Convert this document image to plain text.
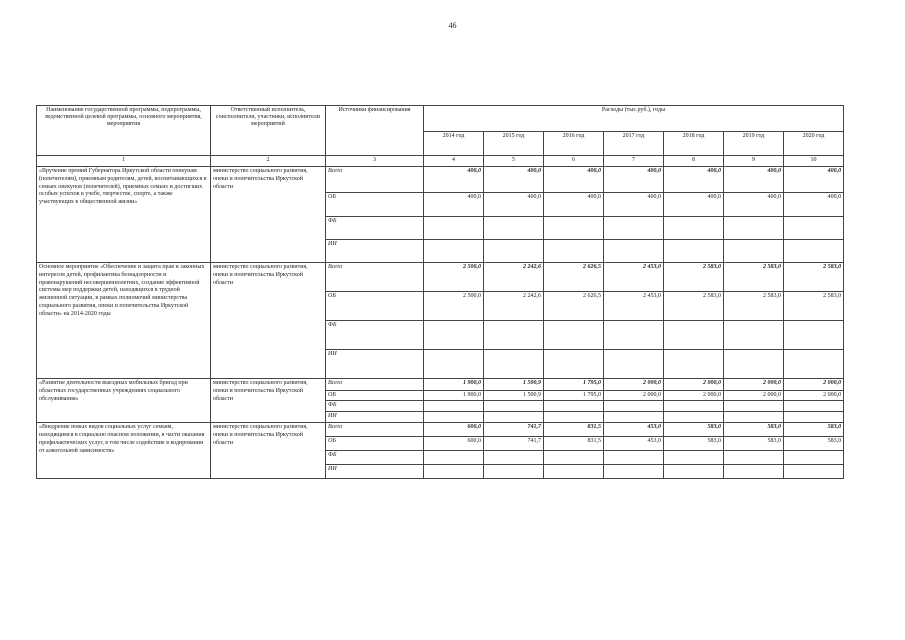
46
Наименование государственной программы, подпрограммы, ведомственной целевой программы, основного мероприятия, мероприятия	Ответственный исполнитель, соисполнители, участники, исполнители мероприятий	Источники финансирования	Расходы (тыс.руб.), годы						
			2014 год	2015 год	2016 год	2017 год	2018 год	2019 год	2020 год
1	2	3	4	5	6	7	8	9	10
«Вручение премий Губернатора Иркутской области опекунам (попечителям), приемным родителям, детей, воспитывающихся в семьях опекунов (попечителей), приемных семьях и достигших особых успехов в учебе, творчестве, спорте, а также участвующих в общественной жизни»	министерство социального развития, опеки и попечительства Иркутской области	Всего	400,0	400,0	400,0	400,0	400,0	400,0	400,0
		ОБ	400,0	400,0	400,0	400,0	400,0	400,0	400,0
		ФБ							
		ИИ							
Основное мероприятие «Обеспечение и защита прав и законных интересов детей, профилактика безнадзорности и правонарушений несовершеннолетних, создание эффективной системы мер поддержки детей, находящихся в трудной жизненной ситуации, в рамках полномочий министерства социального развития, опеки и попечительства Иркутской области» на 2014-2020 годы	министерство социального развития, опеки и попечительства Иркутской области	Всего	2 500,0	2 242,6	2 626,5	2 453,0	2 583,0	2 583,0	2 583,0
		ОБ	2 500,0	2 242,6	2 626,5	2 453,0	2 583,0	2 583,0	2 583,0
		ФБ							
		ИИ							
«Развитие деятельности выездных мобильных бригад при областных государственных учреждениях социального обслуживания»	министерство социального развития, опеки и попечительства Иркутской области	Всего	1 900,0	1 500,9	1 795,0	2 000,0	2 000,0	2 000,0	2 000,0
		ОБ	1 900,0	1 500,9	1 795,0	2 000,0	2 000,0	2 000,0	2 000,0
		ФБ							
		ИИ							
«Внедрение новых видов социальных услуг семьям, находящимся в социально опасном положении, в части оказания профилактических услуг, в том числе содействие в кодировании от алкогольной зависимости»	министерство социального развития, опеки и попечительства Иркутской области	Всего	600,0	741,7	831,5	453,0	583,0	583,0	583,0
		ОБ	600,0	741,7	831,5	453,0	583,0	583,0	583,0
		ФБ							
		ИИ							
